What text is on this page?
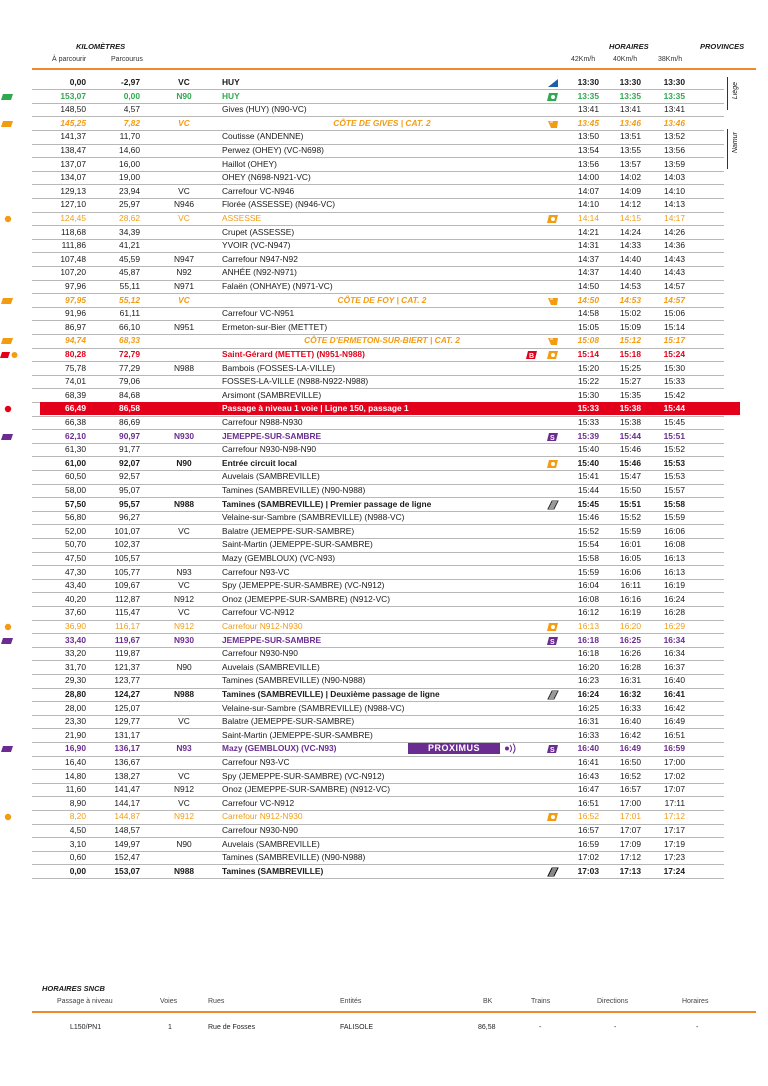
KILOMÈTRES
À parcourir	Parcourus
HORAIRES	PROVINCES
42Km/h	40Km/h	38Km/h
Liège
Namur
0,00	-2,97	VC	HUY	13:30	13:30	13:30
153,07	0,00	N90	HUY	13:35	13:35	13:35
148,50	4,57	Gives (HUY) (N90-VC)	13:41	13:41	13:41
145,25	7,82	VC	CÔTE DE GIVES | CAT. 2	13:45	13:46	13:46
141,37	11,70	Coutisse (ANDENNE)	13:50	13:51	13:52
138,47	14,60	Perwez (OHEY) (VC-N698)	13:54	13:55	13:56
137,07	16,00	Haillot (OHEY)	13:56	13:57	13:59
134,07	19,00	OHEY (N698-N921-VC)	14:00	14:02	14:03
129,13	23,94	VC	Carrefour VC-N946	14:07	14:09	14:10
127,10	25,97	N946	Florée (ASSESSE) (N946-VC)	14:10	14:12	14:13
124,45	28,62	VC	ASSESSE	14:14	14:15	14:17
118,68	34,39	Crupet (ASSESSE)	14:21	14:24	14:26
111,86	41,21	YVOIR (VC-N947)	14:31	14:33	14:36
107,48	45,59	N947	Carrefour N947-N92	14:37	14:40	14:43
107,20	45,87	N92	ANHÉE (N92-N971)	14:37	14:40	14:43
97,96	55,11	N971	Falaën (ONHAYE) (N971-VC)	14:50	14:53	14:57
97,95	55,12	VC	CÔTE DE FOY | CAT. 2	14:50	14:53	14:57
91,96	61,11	Carrefour VC-N951	14:58	15:02	15:06
86,97	66,10	N951	Ermeton-sur-Bier (METTET)	15:05	15:09	15:14
94,74	68,33	CÔTE D'ERMETON-SUR-BIERT | CAT. 2	15:08	15:12	15:17
80,28	72,79	Saint-Gérard (METTET) (N951-N988)	15:14	15:18	15:24
B
75,78	77,29	N988	Bambois (FOSSES-LA-VILLE)	15:20	15:25	15:30
74,01	79,06	FOSSES-LA-VILLE (N988-N922-N988)	15:22	15:27	15:33
68,39	84,68	Arsimont (SAMBREVILLE)	15:30	15:35	15:42
66,49	86,58	Passage à niveau 1 voie | Ligne 150, passage 1	15:33	15:38	15:44
66,38	86,69	Carrefour N988-N930	15:33	15:38	15:45
62,10	90,97	N930	JEMEPPE-SUR-SAMBRE	15:39	15:44	15:51
S
61,30	91,77	Carrefour N930-N98-N90	15:40	15:46	15:52
61,00	92,07	N90	Entrée circuit local	15:40	15:46	15:53
60,50	92,57	Auvelais (SAMBREVILLE)	15:41	15:47	15:53
58,00	95,07	Tamines (SAMBREVILLE) (N90-N988)	15:44	15:50	15:57
57,50	95,57	N988	Tamines (SAMBREVILLE) | Premier passage de ligne	15:45	15:51	15:58
56,80	96,27	Velaine-sur-Sambre (SAMBREVILLE) (N988-VC)	15:46	15:52	15:59
52,00	101,07	VC	Balatre (JEMEPPE-SUR-SAMBRE)	15:52	15:59	16:06
50,70	102,37	Saint-Martin (JEMEPPE-SUR-SAMBRE)	15:54	16:01	16:08
47,50	105,57	Mazy (GEMBLOUX) (VC-N93)	15:58	16:05	16:13
47,30	105,77	N93	Carrefour N93-VC	15:59	16:06	16:13
43,40	109,67	VC	Spy (JEMEPPE-SUR-SAMBRE) (VC-N912)	16:04	16:11	16:19
40,20	112,87	N912	Onoz (JEMEPPE-SUR-SAMBRE) (N912-VC)	16:08	16:16	16:24
37,60	115,47	VC	Carrefour VC-N912	16:12	16:19	16:28
36,90	116,17	N912	Carrefour N912-N930	16:13	16:20	16:29
33,40	119,67	N930	JEMEPPE-SUR-SAMBRE	16:18	16:25	16:34
S
33,20	119,87	Carrefour N930-N90	16:18	16:26	16:34
31,70	121,37	N90	Auvelais (SAMBREVILLE)	16:20	16:28	16:37
29,30	123,77	Tamines (SAMBREVILLE) (N90-N988)	16:23	16:31	16:40
28,80	124,27	N988	Tamines (SAMBREVILLE) | Deuxième passage de ligne	16:24	16:32	16:41
28,00	125,07	Velaine-sur-Sambre (SAMBREVILLE) (N988-VC)	16:25	16:33	16:42
23,30	129,77	VC	Balatre (JEMEPPE-SUR-SAMBRE)	16:31	16:40	16:49
21,90	131,17	Saint-Martin (JEMEPPE-SUR-SAMBRE)	16:33	16:42	16:51
16,90	136,17	N93	Mazy (GEMBLOUX) (VC-N93)	16:40	16:49	16:59
S
PROXIMUS
16,40	136,67	Carrefour N93-VC	16:41	16:50	17:00
14,80	138,27	VC	Spy (JEMEPPE-SUR-SAMBRE) (VC-N912)	16:43	16:52	17:02
11,60	141,47	N912	Onoz (JEMEPPE-SUR-SAMBRE) (N912-VC)	16:47	16:57	17:07
8,90	144,17	VC	Carrefour VC-N912	16:51	17:00	17:11
8,20	144,87	N912	Carrefour N912-N930	16:52	17:01	17:12
4,50	148,57	Carrefour N930-N90	16:57	17:07	17:17
3,10	149,97	N90	Auvelais (SAMBREVILLE)	16:59	17:09	17:19
0,60	152,47	Tamines (SAMBREVILLE) (N90-N988)	17:02	17:12	17:23
0,00	153,07	N988	Tamines (SAMBREVILLE)	17:03	17:13	17:24
HORAIRES SNCB
Passage à niveau	Voies	Rues	Entités	BK	Trains	Directions	Horaires
L150/PN1	1	Rue de Fosses	FALISOLE	86,58	-	-	-
